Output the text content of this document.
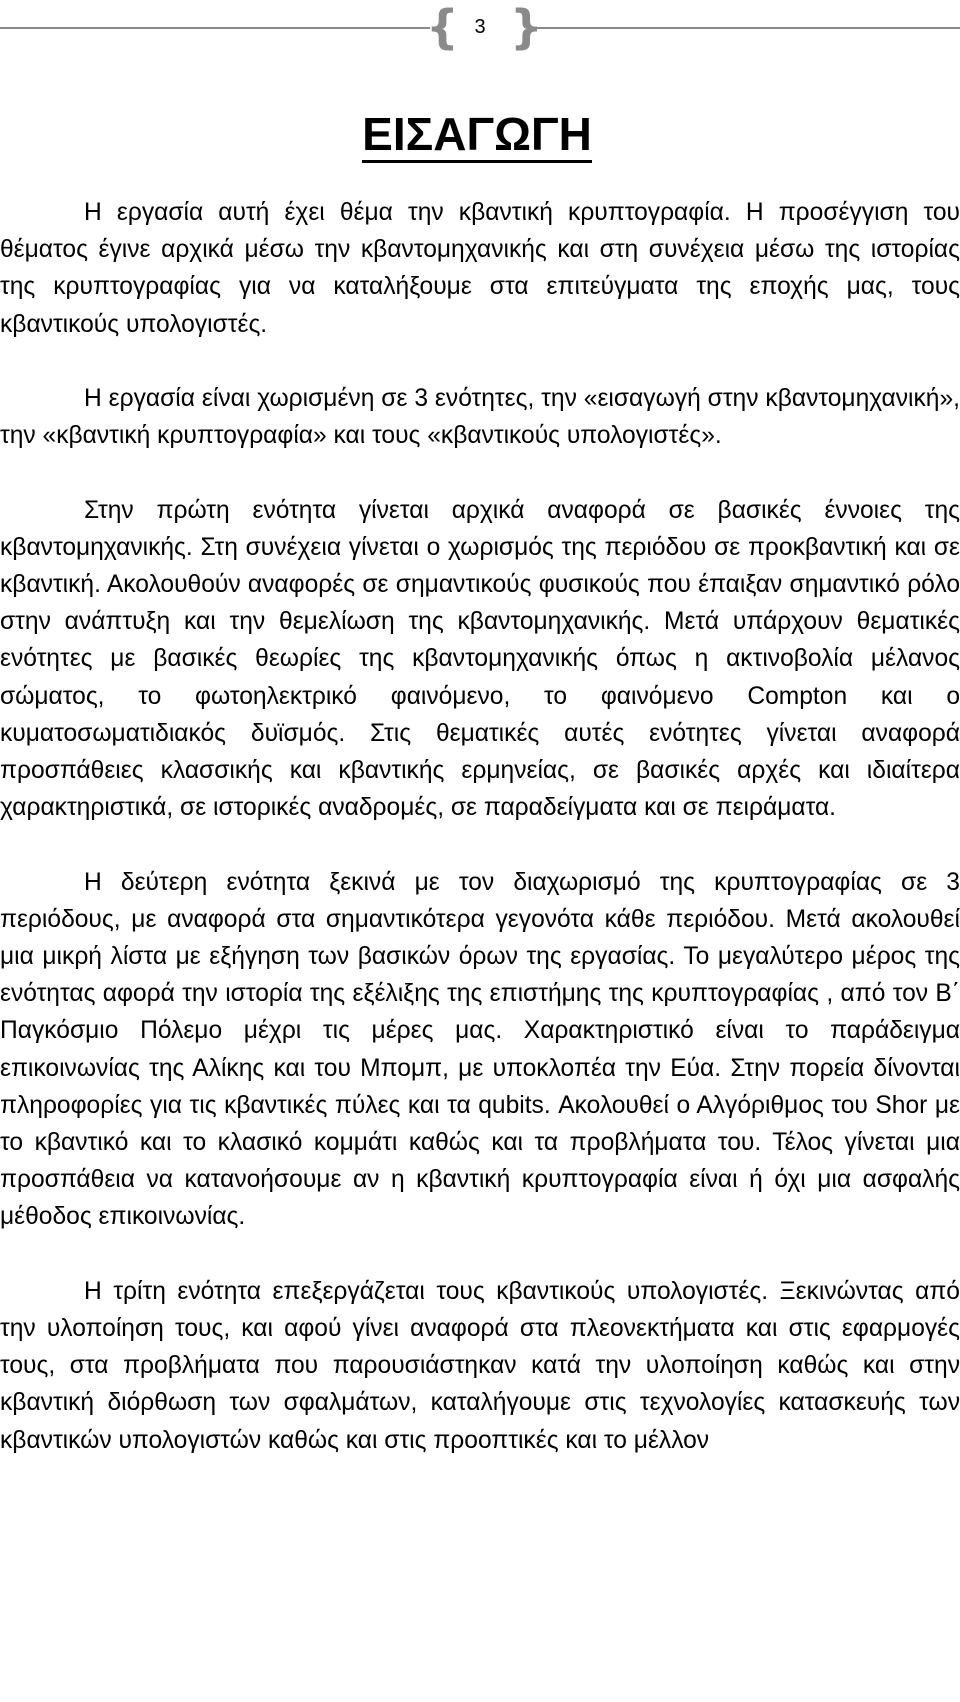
{ 3 }
ΕΙΣΑΓΩΓΗ

Η εργασία αυτή έχει θέμα την κβαντική κρυπτογραφία. Η προσέγγιση του θέματος έγινε αρχικά μέσω την κβαντομηχανικής και στη συνέχεια μέσω της ιστορίας της κρυπτογραφίας για να καταλήξουμε στα επιτεύγματα της εποχής μας, τους κβαντικούς υπολογιστές.

Η εργασία είναι χωρισμένη σε 3 ενότητες, την «εισαγωγή στην κβαντομηχανική», την «κβαντική κρυπτογραφία» και τους «κβαντικούς υπολογιστές».

Στην πρώτη ενότητα γίνεται αρχικά αναφορά σε βασικές έννοιες της κβαντομηχανικής. Στη συνέχεια γίνεται ο χωρισμός της περιόδου σε προκβαντική και σε κβαντική. Ακολουθούν αναφορές σε σημαντικούς φυσικούς που έπαιξαν σημαντικό ρόλο στην ανάπτυξη και την θεμελίωση της κβαντομηχανικής. Μετά υπάρχουν θεματικές ενότητες με βασικές θεωρίες της κβαντομηχανικής όπως η ακτινοβολία μέλανος σώματος, το φωτοηλεκτρικό φαινόμενο, το φαινόμενο Compton και ο κυματοσωματιδιακός δυϊσμός. Στις θεματικές αυτές ενότητες γίνεται αναφορά προσπάθειες κλασσικής και κβαντικής ερμηνείας, σε βασικές αρχές και ιδιαίτερα χαρακτηριστικά, σε ιστορικές αναδρομές, σε παραδείγματα και σε πειράματα.

Η δεύτερη ενότητα ξεκινά με τον διαχωρισμό της κρυπτογραφίας σε 3 περιόδους, με αναφορά στα σημαντικότερα γεγονότα κάθε περιόδου. Μετά ακολουθεί μια μικρή λίστα με εξήγηση των βασικών όρων της εργασίας. Το μεγαλύτερο μέρος της ενότητας αφορά την ιστορία της εξέλιξης της επιστήμης της κρυπτογραφίας , από τον Β΄ Παγκόσμιο Πόλεμο μέχρι τις μέρες μας. Χαρακτηριστικό είναι το παράδειγμα επικοινωνίας της Αλίκης και του Μπομπ, με υποκλοπέα την Εύα. Στην πορεία δίνονται πληροφορίες για τις κβαντικές πύλες και τα qubits. Ακολουθεί ο Αλγόριθμος του Shor με το κβαντικό και το κλασικό κομμάτι καθώς και τα προβλήματα του. Τέλος γίνεται μια προσπάθεια να κατανοήσουμε αν η κβαντική κρυπτογραφία είναι ή όχι μια ασφαλής μέθοδος επικοινωνίας.

Η τρίτη ενότητα επεξεργάζεται τους κβαντικούς υπολογιστές. Ξεκινώντας από την υλοποίηση τους, και αφού γίνει αναφορά στα πλεονεκτήματα και στις εφαρμογές τους, στα προβλήματα που παρουσιάστηκαν κατά την υλοποίηση καθώς και στην κβαντική διόρθωση των σφαλμάτων, καταλήγουμε στις τεχνολογίες κατασκευής των κβαντικών υπολογιστών καθώς και στις προοπτικές και το μέλλον
